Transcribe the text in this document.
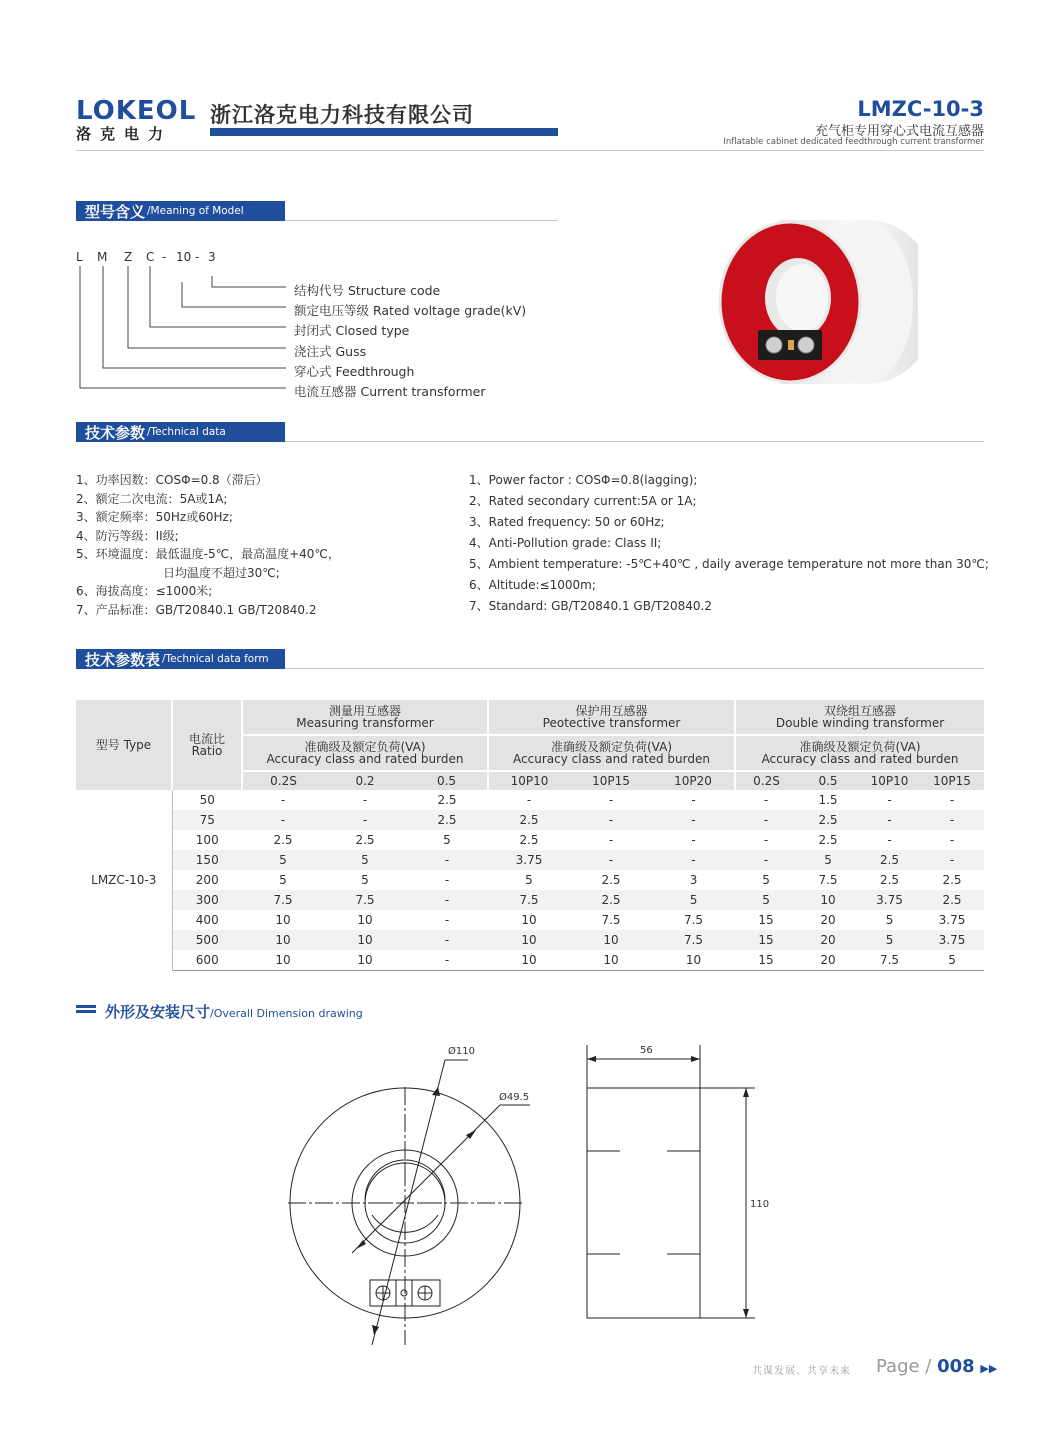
LOKEOL
洛克电力
浙江洛克电力科技有限公司	LMZC-10-3
充气柜专用穿心式电流互感器
Inflatable cabinet dedicated feedthrough current transformer
型号含义 /Meaning of Model
L M Z C - 10 - 3
结构代号 Structure code
额定电压等级 Rated voltage grade(kV)
封闭式 Closed type
浇注式 Guss
穿心式 Feedthrough
电流互感器 Current transformer
技术参数 /Technical data
1、功率因数：COSΦ=0.8（滞后）
2、额定二次电流：5A或1A;
3、额定频率：50Hz或60Hz;
4、防污等级：II级;
5、环境温度：最低温度-5℃，最高温度+40℃，
日均温度不超过30℃;
6、海拔高度：≤1000米;
7、产品标准：GB/T20840.1 GB/T20840.2
1、Power factor : COSΦ=0.8(lagging);
2、Rated secondary current:5A or 1A;
3、Rated frequency: 50 or 60Hz;
4、Anti-Pollution grade: Class II;
5、Ambient temperature: -5℃+40℃ , daily average temperature not more than 30℃;
6、Altitude:≤1000m;
7、Standard: GB/T20840.1 GB/T20840.2
技术参数表 /Technical data form
型号 Type	电流比
Ratio	测量用互感器
Measuring transformer			保护用互感器
Peotective transformer			双绕组互感器
Double winding transformer			

		准确级及额定负荷(VA)
Accuracy class and rated burden			准确级及额定负荷(VA)
Accuracy class and rated burden			准确级及额定负荷(VA)
Accuracy class and rated burden			

		0.2S	0.2	0.5	10P10	10P15	10P20	0.2S	0.5	10P10	10P15
LMZC-10-3	50	-	-	2.5	-	-	-	-	1.5	-	-
	75	-	-	2.5	2.5	-	-	-	2.5	-	-
	100	2.5	2.5	5	2.5	-	-	-	2.5	-	-
	150	5	5	-	3.75	-	-	-	5	2.5	-
	200	5	5	-	5	2.5	3	5	7.5	2.5	2.5
	300	7.5	7.5	-	7.5	2.5	5	5	10	3.75	2.5
	400	10	10	-	10	7.5	7.5	15	20	5	3.75
	500	10	10	-	10	10	7.5	15	20	5	3.75
	600	10	10	-	10	10	10	15	20	7.5	5
外形及安装尺寸/Overall Dimension drawing
Ø110
Ø49.5
56
110
共谋发展、共享未来 Page / 008 ▶▶
